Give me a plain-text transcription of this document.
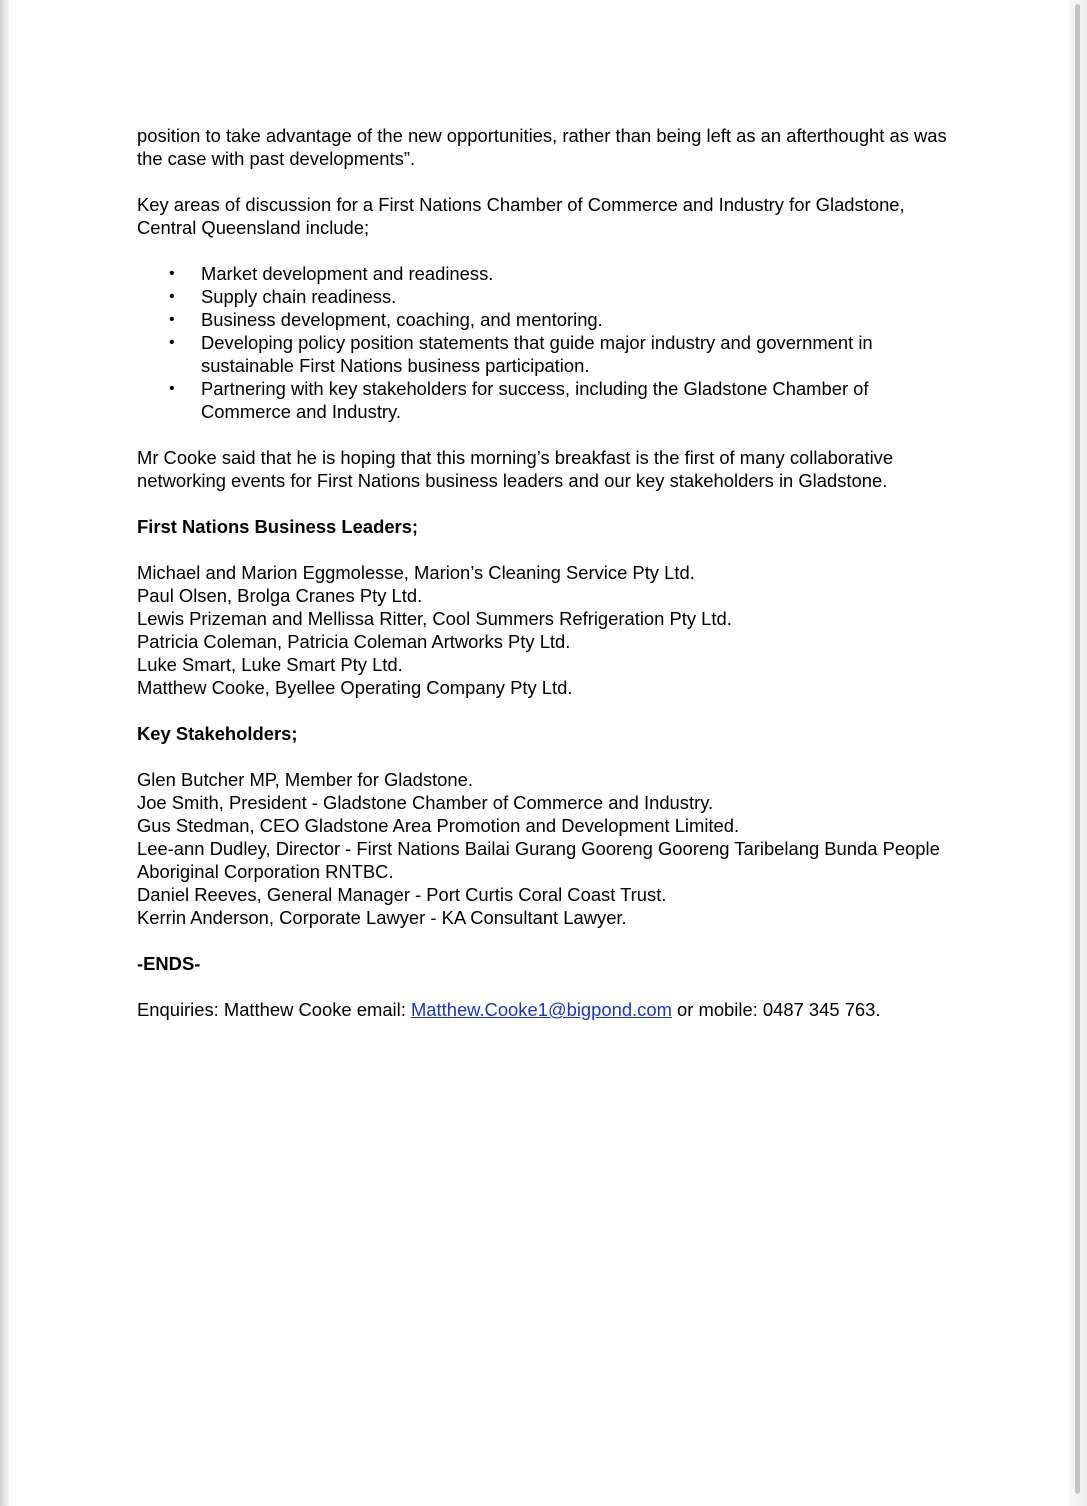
position to take advantage of the new opportunities, rather than being left as an afterthought as was the case with past developments”.

Key areas of discussion for a First Nations Chamber of Commerce and Industry for Gladstone, Central Queensland include;

• Market development and readiness.
• Supply chain readiness.
• Business development, coaching, and mentoring.
• Developing policy position statements that guide major industry and government in sustainable First Nations business participation.
• Partnering with key stakeholders for success, including the Gladstone Chamber of Commerce and Industry.

Mr Cooke said that he is hoping that this morning’s breakfast is the first of many collaborative networking events for First Nations business leaders and our key stakeholders in Gladstone.

First Nations Business Leaders;

Michael and Marion Eggmolesse, Marion’s Cleaning Service Pty Ltd.
Paul Olsen, Brolga Cranes Pty Ltd.
Lewis Prizeman and Mellissa Ritter, Cool Summers Refrigeration Pty Ltd.
Patricia Coleman, Patricia Coleman Artworks Pty Ltd.
Luke Smart, Luke Smart Pty Ltd.
Matthew Cooke, Byellee Operating Company Pty Ltd.

Key Stakeholders;

Glen Butcher MP, Member for Gladstone.
Joe Smith, President - Gladstone Chamber of Commerce and Industry.
Gus Stedman, CEO Gladstone Area Promotion and Development Limited.
Lee-ann Dudley, Director - First Nations Bailai Gurang Gooreng Gooreng Taribelang Bunda People Aboriginal Corporation RNTBC.
Daniel Reeves, General Manager - Port Curtis Coral Coast Trust.
Kerrin Anderson, Corporate Lawyer - KA Consultant Lawyer.

-ENDS-

Enquiries: Matthew Cooke email: Matthew.Cooke1@bigpond.com or mobile: 0487 345 763.
